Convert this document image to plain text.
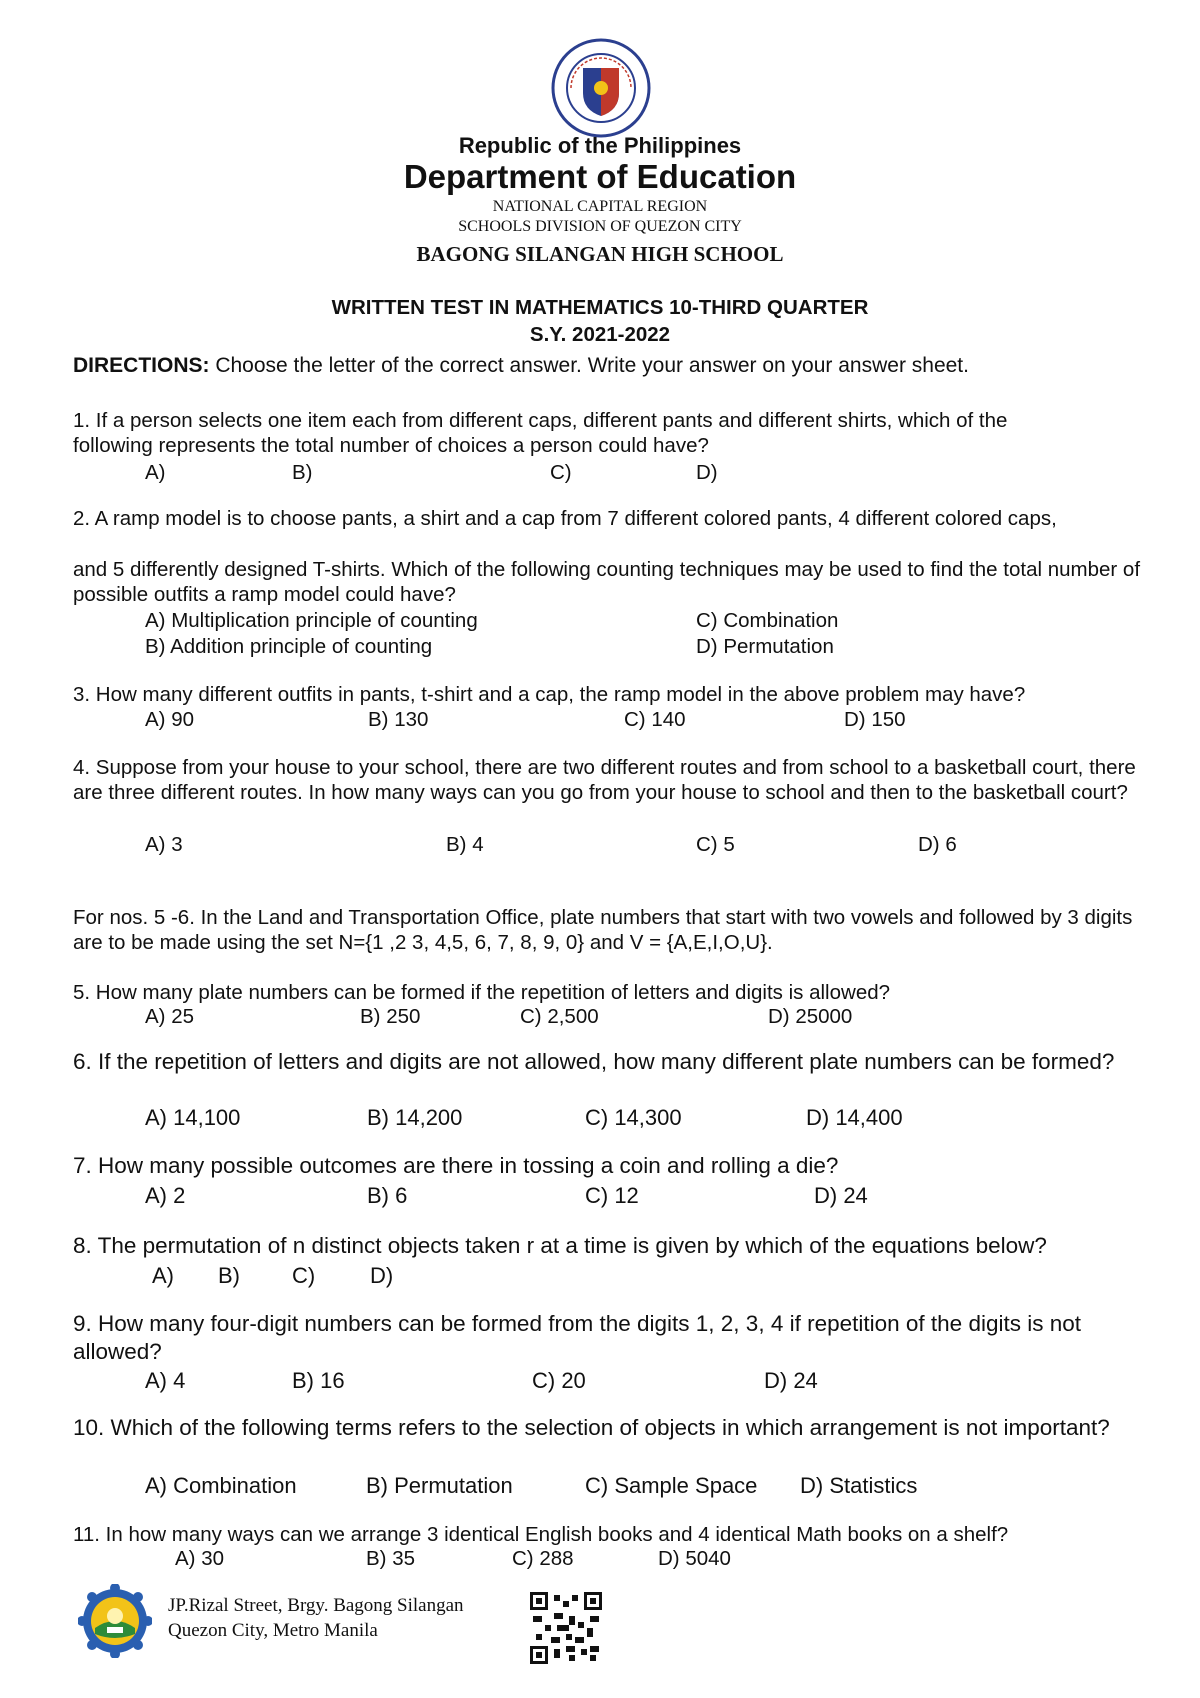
Republic of the Philippines
Department of Education
NATIONAL CAPITAL REGION
SCHOOLS DIVISION OF QUEZON CITY
BAGONG SILANGAN HIGH SCHOOL
WRITTEN TEST IN MATHEMATICS 10-THIRD QUARTER
S.Y. 2021-2022
DIRECTIONS: Choose the letter of the correct answer. Write your answer on your answer sheet.
1. If a person selects one item each from different caps, different pants and different shirts, which of the following represents the total number of choices a person could have?
A)	B)	C)	D)
2. A ramp model is to choose pants, a shirt and a cap from 7 different colored pants, 4 different colored caps,
and 5 differently designed T-shirts. Which of the following counting techniques may be used to find the total number of possible outfits a ramp model could have?
A) Multiplication principle of counting	C) Combination
B) Addition principle of counting	D) Permutation
3. How many different outfits in pants, t-shirt and a cap, the ramp model in the above problem may have?
A) 90	B) 130	C) 140	D) 150
4. Suppose from your house to your school, there are two different routes and from school to a basketball court, there are three different routes. In how many ways can you go from your house to school and then to the basketball court?
A) 3	B) 4	C) 5	D) 6
For nos. 5 -6. In the Land and Transportation Office, plate numbers that start with two vowels and followed by 3 digits are to be made using the set N={1 ,2 3, 4,5, 6, 7, 8, 9, 0} and V = {A,E,I,O,U}.
5. How many plate numbers can be formed if the repetition of letters and digits is allowed?
A) 25	B) 250	C) 2,500	D) 25000
6. If the repetition of letters and digits are not allowed, how many different plate numbers can be formed?
A) 14,100	B) 14,200	C) 14,300	D) 14,400
7. How many possible outcomes are there in tossing a coin and rolling a die?
A) 2	B) 6	C) 12	D) 24
8. The permutation of n distinct objects taken r at a time is given by which of the equations below?
A) B) C) D)
9. How many four-digit numbers can be formed from the digits 1, 2, 3, 4 if repetition of the digits is not allowed?
A) 4	B) 16	C) 20	D) 24
10. Which of the following terms refers to the selection of objects in which arrangement is not important?
A) Combination	B) Permutation	C) Sample Space D) Statistics
11. In how many ways can we arrange 3 identical English books and 4 identical Math books on a shelf?
A) 30	B) 35	C) 288	D) 5040
JP.Rizal Street, Brgy. Bagong Silangan
Quezon City, Metro Manila
